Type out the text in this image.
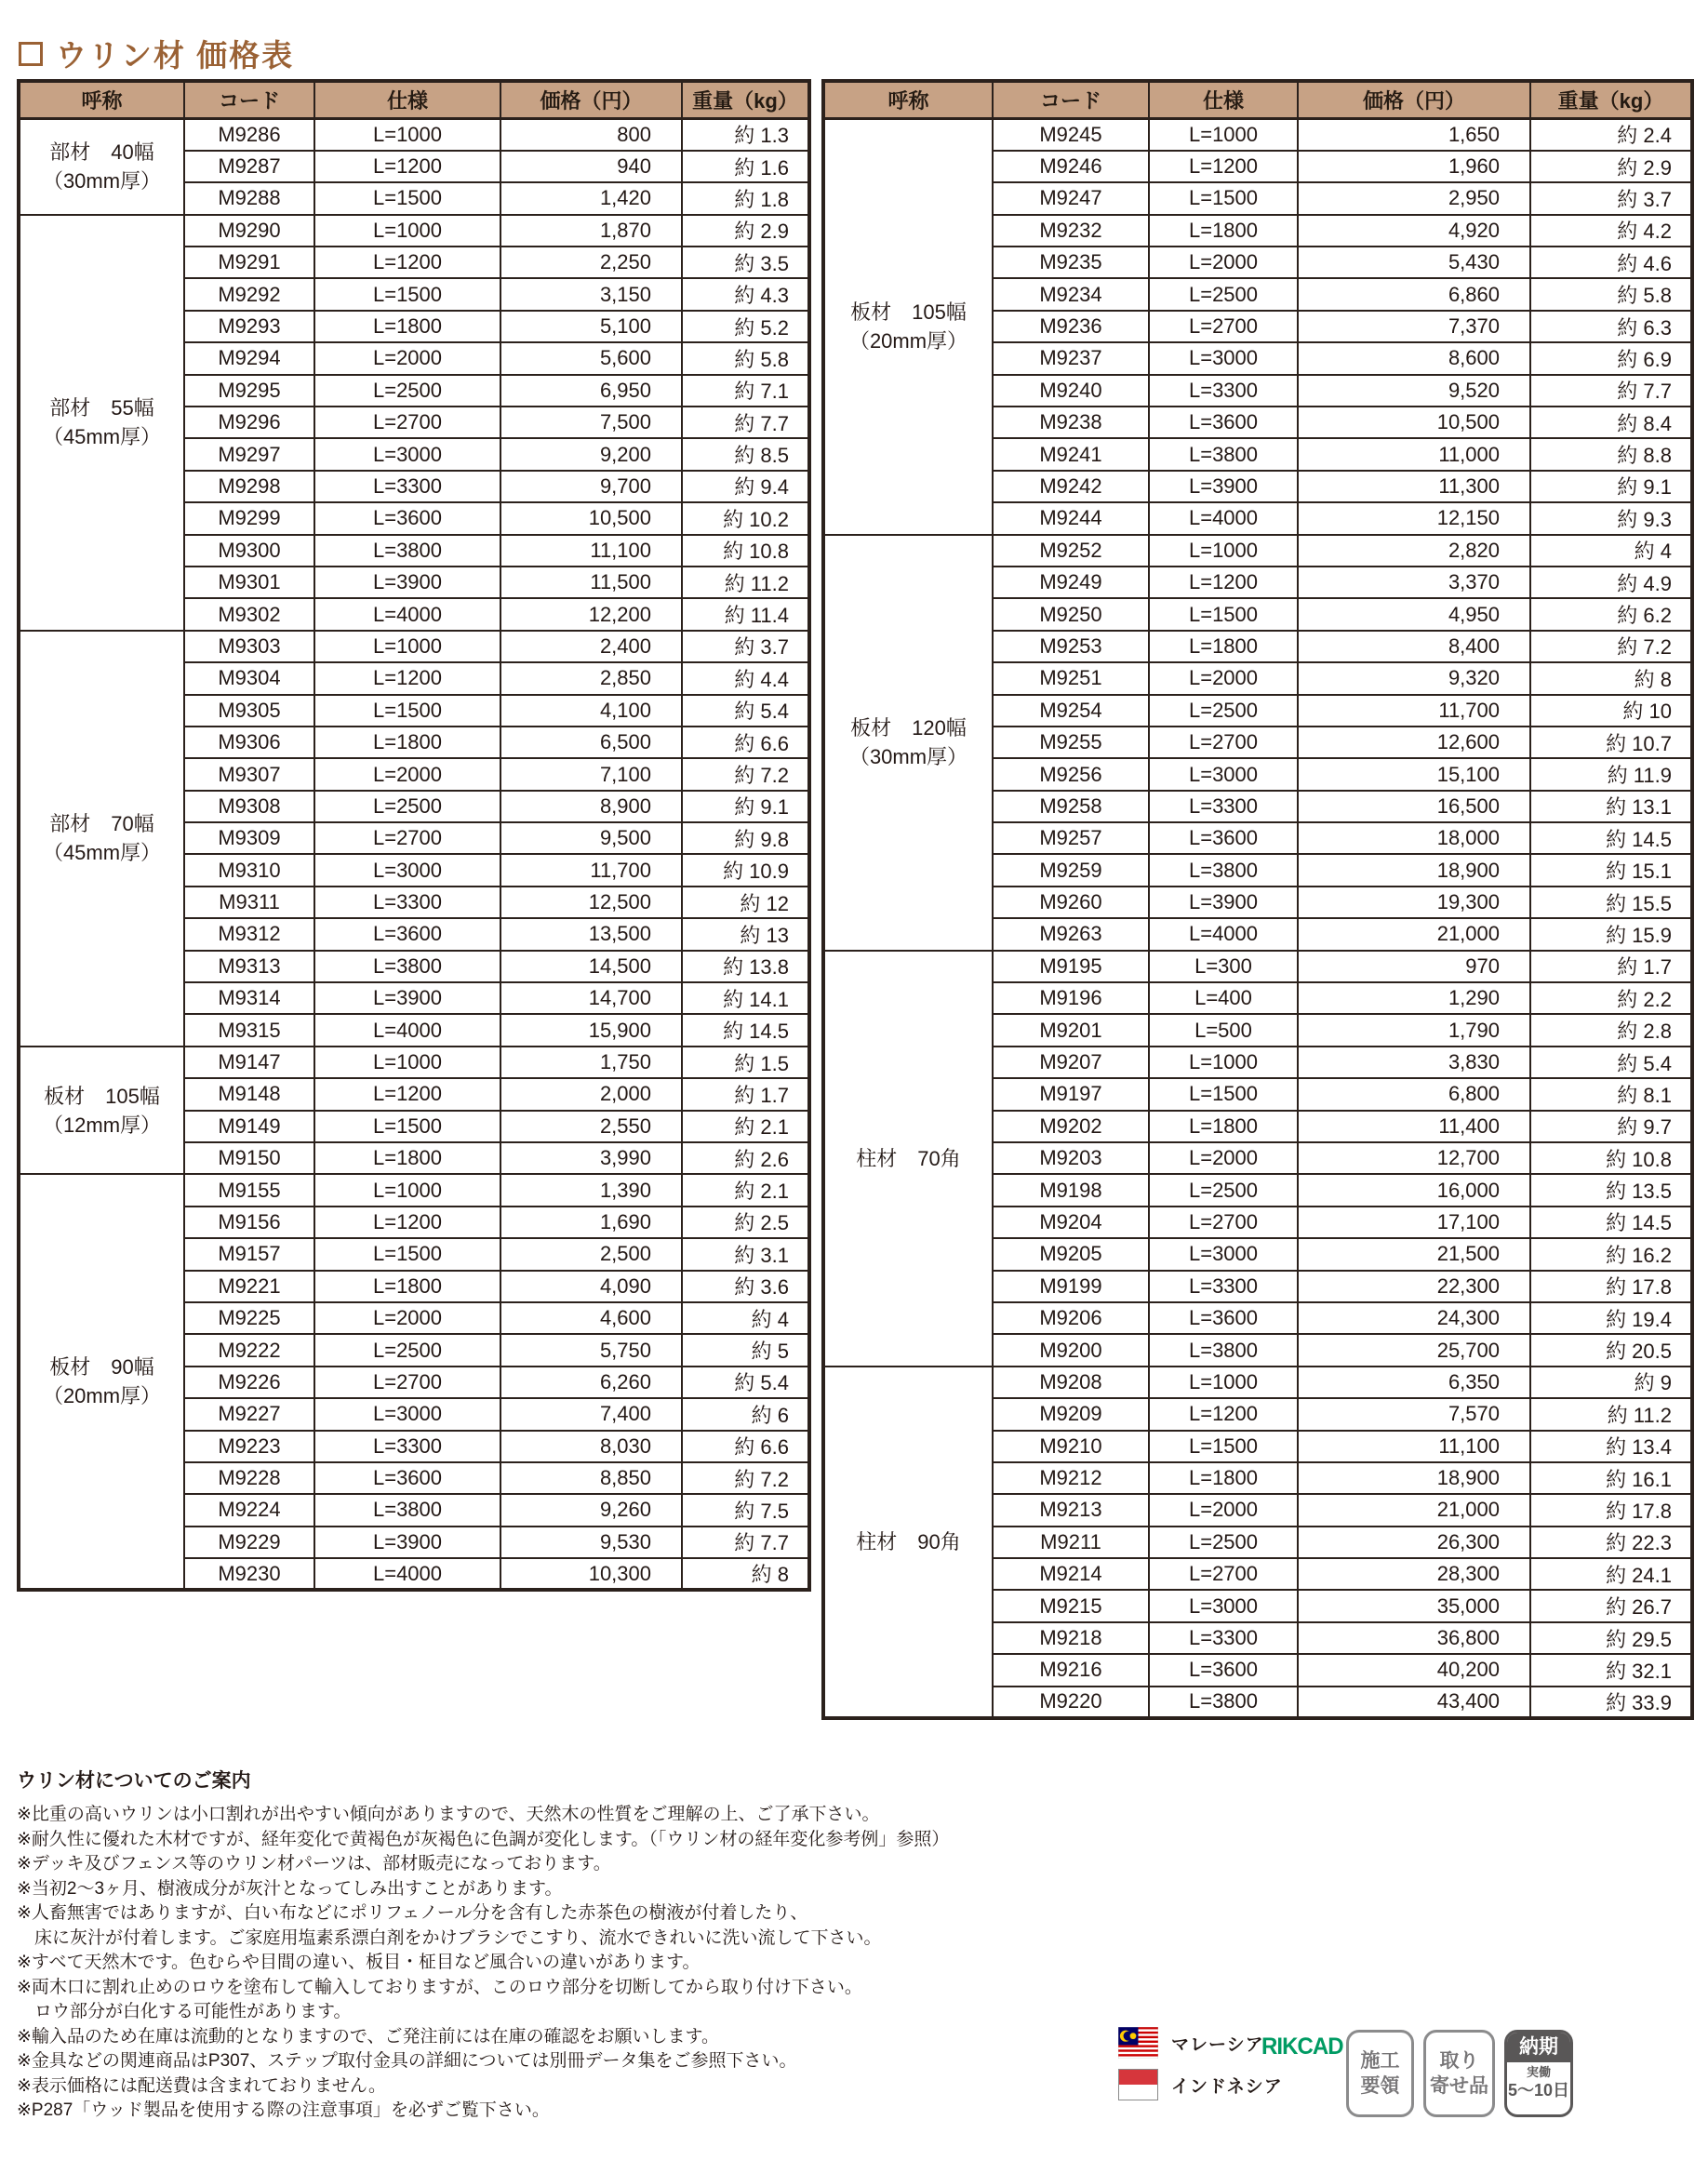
ウリン材 価格表
呼称	コード	仕様	価格（円）	重量（kg）

部材　40幅
（30mm厚）	M9286	L=1000	800	約 1.3
	M9287	L=1200	940	約 1.6
	M9288	L=1500	1,420	約 1.8

部材　55幅
（45mm厚）	M9290	L=1000	1,870	約 2.9
	M9291	L=1200	2,250	約 3.5
	M9292	L=1500	3,150	約 4.3
	M9293	L=1800	5,100	約 5.2
	M9294	L=2000	5,600	約 5.8
	M9295	L=2500	6,950	約 7.1
	M9296	L=2700	7,500	約 7.7
	M9297	L=3000	9,200	約 8.5
	M9298	L=3300	9,700	約 9.4
	M9299	L=3600	10,500	約 10.2
	M9300	L=3800	11,100	約 10.8
	M9301	L=3900	11,500	約 11.2
	M9302	L=4000	12,200	約 11.4

部材　70幅
（45mm厚）	M9303	L=1000	2,400	約 3.7
	M9304	L=1200	2,850	約 4.4
	M9305	L=1500	4,100	約 5.4
	M9306	L=1800	6,500	約 6.6
	M9307	L=2000	7,100	約 7.2
	M9308	L=2500	8,900	約 9.1
	M9309	L=2700	9,500	約 9.8
	M9310	L=3000	11,700	約 10.9
	M9311	L=3300	12,500	約 12
	M9312	L=3600	13,500	約 13
	M9313	L=3800	14,500	約 13.8
	M9314	L=3900	14,700	約 14.1
	M9315	L=4000	15,900	約 14.5

板材　105幅
（12mm厚）	M9147	L=1000	1,750	約 1.5
	M9148	L=1200	2,000	約 1.7
	M9149	L=1500	2,550	約 2.1
	M9150	L=1800	3,990	約 2.6

板材　90幅
（20mm厚）	M9155	L=1000	1,390	約 2.1
	M9156	L=1200	1,690	約 2.5
	M9157	L=1500	2,500	約 3.1
	M9221	L=1800	4,090	約 3.6
	M9225	L=2000	4,600	約 4
	M9222	L=2500	5,750	約 5
	M9226	L=2700	6,260	約 5.4
	M9227	L=3000	7,400	約 6
	M9223	L=3300	8,030	約 6.6
	M9228	L=3600	8,850	約 7.2
	M9224	L=3800	9,260	約 7.5
	M9229	L=3900	9,530	約 7.7
	M9230	L=4000	10,300	約 8
呼称	コード	仕様	価格（円）	重量（kg）

板材　105幅
（20mm厚）	M9245	L=1000	1,650	約 2.4
	M9246	L=1200	1,960	約 2.9
	M9247	L=1500	2,950	約 3.7
	M9232	L=1800	4,920	約 4.2
	M9235	L=2000	5,430	約 4.6
	M9234	L=2500	6,860	約 5.8
	M9236	L=2700	7,370	約 6.3
	M9237	L=3000	8,600	約 6.9
	M9240	L=3300	9,520	約 7.7
	M9238	L=3600	10,500	約 8.4
	M9241	L=3800	11,000	約 8.8
	M9242	L=3900	11,300	約 9.1
	M9244	L=4000	12,150	約 9.3

板材　120幅
（30mm厚）	M9252	L=1000	2,820	約 4
	M9249	L=1200	3,370	約 4.9
	M9250	L=1500	4,950	約 6.2
	M9253	L=1800	8,400	約 7.2
	M9251	L=2000	9,320	約 8
	M9254	L=2500	11,700	約 10
	M9255	L=2700	12,600	約 10.7
	M9256	L=3000	15,100	約 11.9
	M9258	L=3300	16,500	約 13.1
	M9257	L=3600	18,000	約 14.5
	M9259	L=3800	18,900	約 15.1
	M9260	L=3900	19,300	約 15.5
	M9263	L=4000	21,000	約 15.9

柱材　70角	M9195	L=300	970	約 1.7
	M9196	L=400	1,290	約 2.2
	M9201	L=500	1,790	約 2.8
	M9207	L=1000	3,830	約 5.4
	M9197	L=1500	6,800	約 8.1
	M9202	L=1800	11,400	約 9.7
	M9203	L=2000	12,700	約 10.8
	M9198	L=2500	16,000	約 13.5
	M9204	L=2700	17,100	約 14.5
	M9205	L=3000	21,500	約 16.2
	M9199	L=3300	22,300	約 17.8
	M9206	L=3600	24,300	約 19.4
	M9200	L=3800	25,700	約 20.5

柱材　90角	M9208	L=1000	6,350	約 9
	M9209	L=1200	7,570	約 11.2
	M9210	L=1500	11,100	約 13.4
	M9212	L=1800	18,900	約 16.1
	M9213	L=2000	21,000	約 17.8
	M9211	L=2500	26,300	約 22.3
	M9214	L=2700	28,300	約 24.1
	M9215	L=3000	35,000	約 26.7
	M9218	L=3300	36,800	約 29.5
	M9216	L=3600	40,200	約 32.1
	M9220	L=3800	43,400	約 33.9
ウリン材についてのご案内
※比重の高いウリンは小口割れが出やすい傾向がありますので、天然木の性質をご理解の上、ご了承下さい。
※耐久性に優れた木材ですが、経年変化で黄褐色が灰褐色に色調が変化します。（「ウリン材の経年変化参考例」参照）
※デッキ及びフェンス等のウリン材パーツは、部材販売になっております。
※当初2～3ヶ月、樹液成分が灰汁となってしみ出すことがあります。
※人畜無害ではありますが、白い布などにポリフェノール分を含有した赤茶色の樹液が付着したり、
　床に灰汁が付着します。ご家庭用塩素系漂白剤をかけブラシでこすり、流水できれいに洗い流して下さい。
※すべて天然木です。色むらや目間の違い、板目・柾目など風合いの違いがあります。
※両木口に割れ止めのロウを塗布して輸入しておりますが、このロウ部分を切断してから取り付け下さい。
　ロウ部分が白化する可能性があります。
※輸入品のため在庫は流動的となりますので、ご発注前には在庫の確認をお願いします。
※金具などの関連商品はP307、ステップ取付金具の詳細については別冊データ集をご参照下さい。
※表示価格には配送費は含まれておりません。
※P287「ウッド製品を使用する際の注意事項」を必ずご覧下さい。
マレーシア
インドネシア
RIKCAD
施工
要領
取り
寄せ品
納期
実働
5～10日
